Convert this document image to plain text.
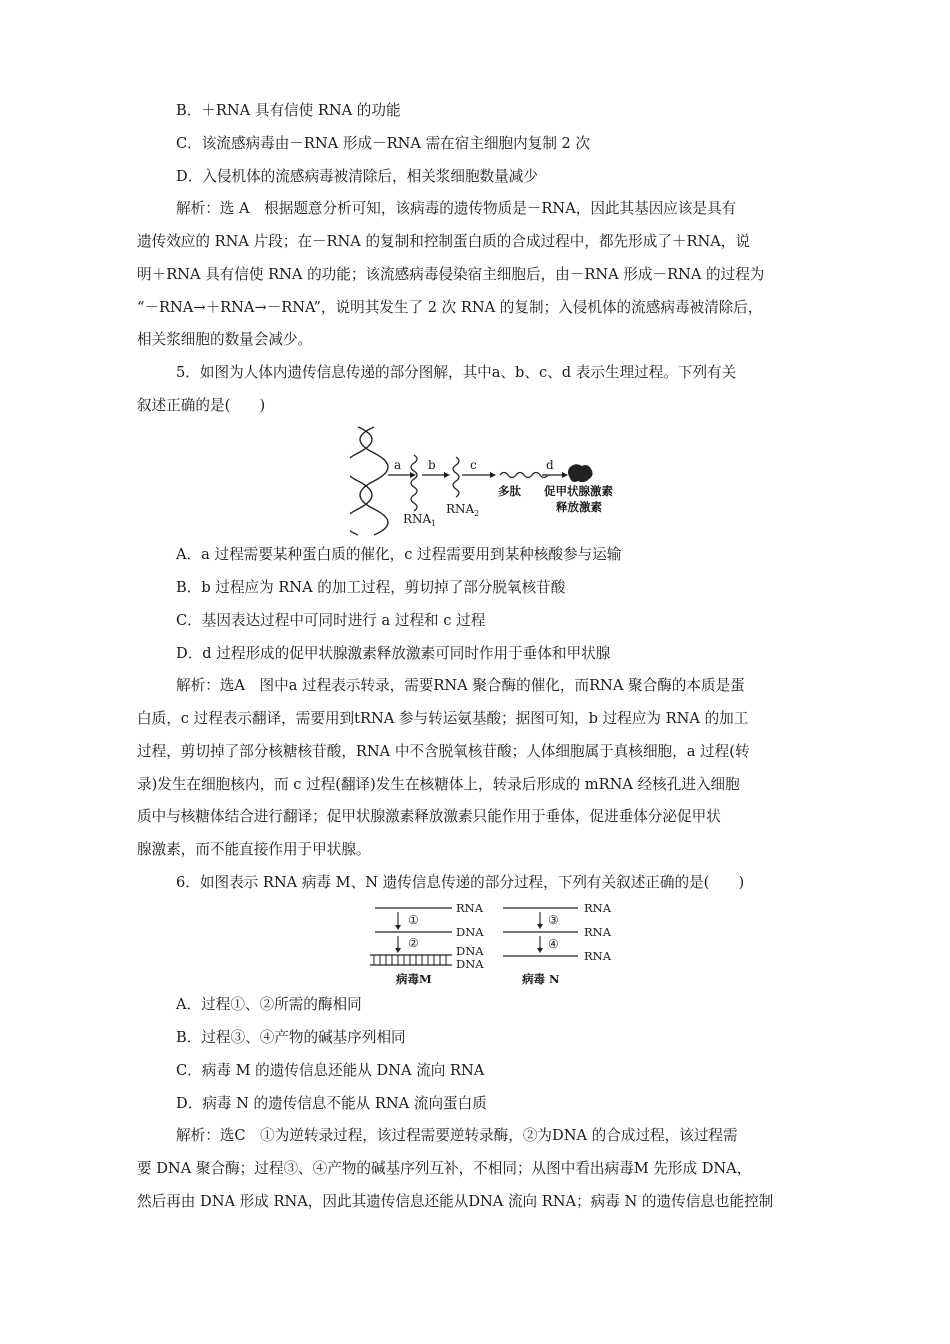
B．＋RNA 具有信使 RNA 的功能
C．该流感病毒由－RNA 形成－RNA 需在宿主细胞内复制 2 次
D．入侵机体的流感病毒被清除后，相关浆细胞数量减少
解析：选 A　根据题意分析可知，该病毒的遗传物质是－RNA，因此其基因应该是具有
遗传效应的 RNA 片段；在－RNA 的复制和控制蛋白质的合成过程中，都先形成了＋RNA，说
明＋RNA 具有信使 RNA 的功能；该流感病毒侵染宿主细胞后，由－RNA 形成－RNA 的过程为
“－RNA→＋RNA→－RNA”，说明其发生了 2 次 RNA 的复制；入侵机体的流感病毒被清除后，
相关浆细胞的数量会减少。
5．如图为人体内遗传信息传递的部分图解，其中a、b、c、d 表示生理过程。下列有关
叙述正确的是(　　)
a
RNA 1
b
RNA 2
c
多肽
d
促甲状腺激素
释放激素
A．a 过程需要某种蛋白质的催化，c 过程需要用到某种核酸参与运输
B．b 过程应为 RNA 的加工过程，剪切掉了部分脱氧核苷酸
C．基因表达过程中可同时进行 a 过程和 c 过程
D．d 过程形成的促甲状腺激素释放激素可同时作用于垂体和甲状腺
解析：选A　图中a 过程表示转录，需要RNA 聚合酶的催化，而RNA 聚合酶的本质是蛋
白质，c 过程表示翻译，需要用到tRNA 参与转运氨基酸；据图可知，b 过程应为 RNA 的加工
过程，剪切掉了部分核糖核苷酸，RNA 中不含脱氧核苷酸；人体细胞属于真核细胞，a 过程(转
录)发生在细胞核内，而 c 过程(翻译)发生在核糖体上，转录后形成的 mRNA 经核孔进入细胞
质中与核糖体结合进行翻译；促甲状腺激素释放激素只能作用于垂体，促进垂体分泌促甲状
腺激素，而不能直接作用于甲状腺。
6．如图表示 RNA 病毒 M、N 遗传信息传递的部分过程，下列有关叙述正确的是(　　)
RNA
①
DNA
②
DNA
DNA
病毒M
RNA
③
RNA
④
RNA
病毒 N
A．过程①、②所需的酶相同
B．过程③、④产物的碱基序列相同
C．病毒 M 的遗传信息还能从 DNA 流向 RNA
D．病毒 N 的遗传信息不能从 RNA 流向蛋白质
解析：选C　①为逆转录过程，该过程需要逆转录酶，②为DNA 的合成过程，该过程需
要 DNA 聚合酶；过程③、④产物的碱基序列互补，不相同；从图中看出病毒M 先形成 DNA，
然后再由 DNA 形成 RNA，因此其遗传信息还能从DNA 流向 RNA；病毒 N 的遗传信息也能控制
